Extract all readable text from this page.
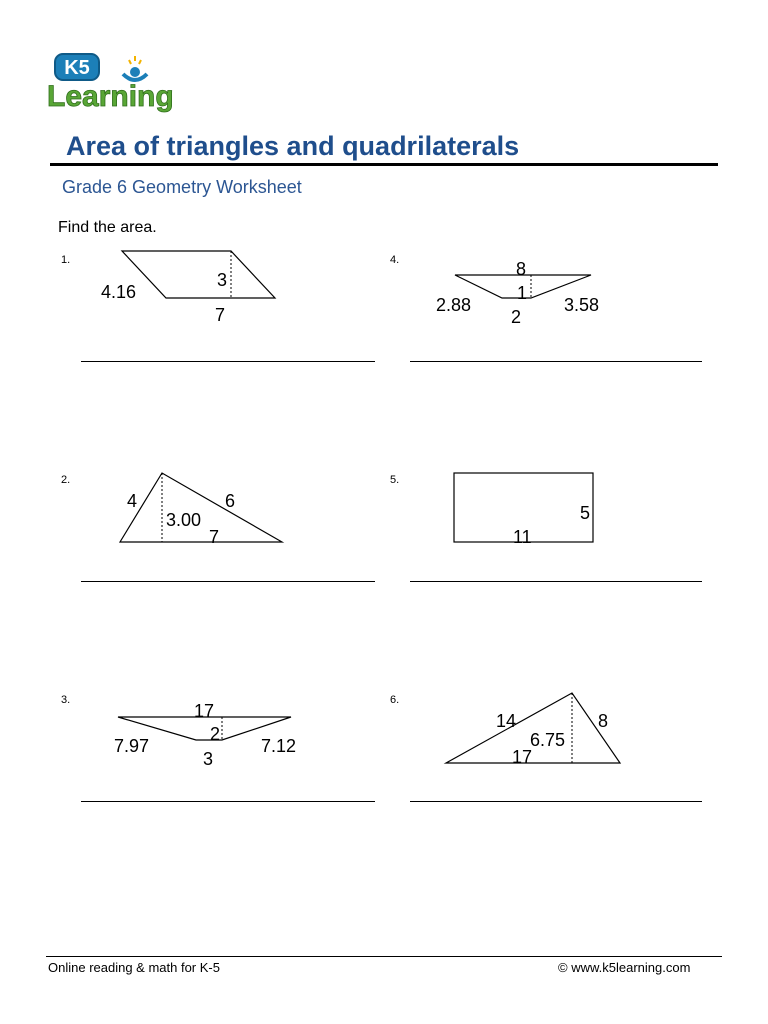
K5
Learning
Area of triangles and quadrilaterals
Grade 6 Geometry Worksheet
Find the area.
1.
2.
3.
4.
5.
6.
4.16
3
7
4	6
3.00
7
17
2
7.97	7.12
3
8
1
2.88	3.58
2
5
11
14	8
6.75
17
Online reading & math for K-5	© www.k5learning.com
